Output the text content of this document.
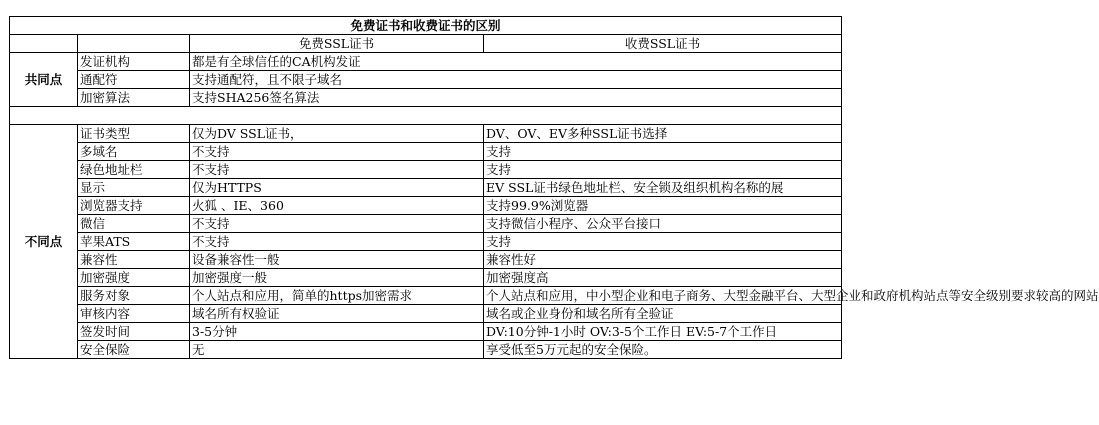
免费证书和收费证书的区别			
		免费SSL证书	收费SSL证书
共同点	发证机构	都是有全球信任的CA机构发证	
	通配符	支持通配符，且不限子域名	
	加密算法	支持SHA256签名算法	

不同点	证书类型	仅为DV SSL证书，	DV、OV、EV多种SSL证书选择
	多域名	不支持	支持
	绿色地址栏	不支持	支持
	显示	仅为HTTPS	EV SSL证书绿色地址栏、安全锁及组织机构名称的展
	浏览器支持	火狐 、IE、360	支持99.9%浏览器
	微信	不支持	支持微信小程序、公众平台接口
	苹果ATS	不支持	支持
	兼容性	设备兼容性一般	兼容性好
	加密强度	加密强度一般	加密强度高
	服务对象	个人站点和应用，简单的https加密需求	个人站点和应用，中小型企业和电子商务、大型金融平台、大型企业和政府机构站点等安全级别要求较高的网站
	审核内容	域名所有权验证	域名或企业身份和域名所有全验证
	签发时间	3-5分钟	DV:10分钟-1小时 OV:3-5个工作日 EV:5-7个工作日
	安全保险	无	享受低至5万元起的安全保险。
